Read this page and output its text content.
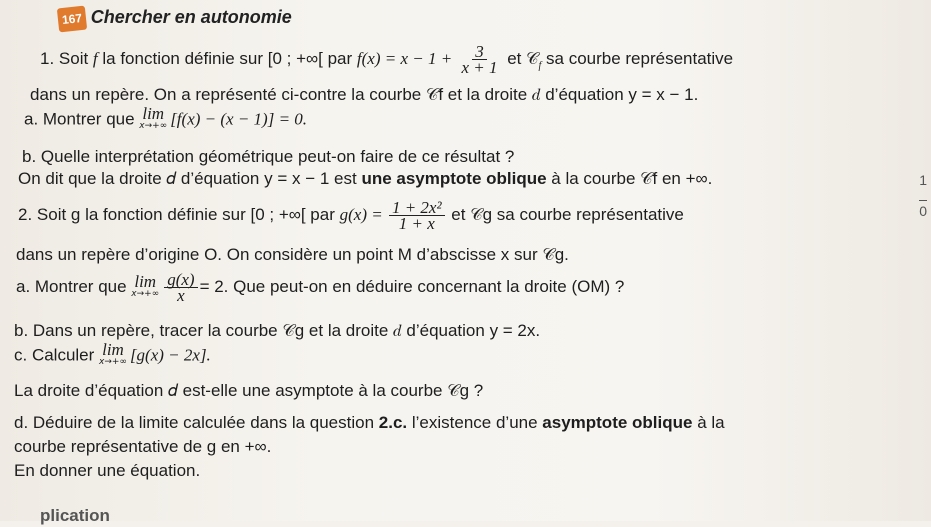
167 Chercher en autonomie
1. Soit f la fonction définie sur [0 ; +∞[ par $f(x) = x - 1 + \frac{3}{x + 1}$ et 𝒞$_f$ sa courbe représentative
dans un repère. On a représenté ci-contre la courbe 𝒞f et la droite 𝑑 d’équation y = x − 1.
a. Montrer que lim
x→+∞ [f(x) − (x − 1)] = 0.
b. Quelle interprétation géométrique peut-on faire de ce résultat ?
On dit que la droite 𝑑 d’équation y = x − 1 est une asymptote oblique à la courbe 𝒞f en +∞.
2. Soit g la fonction définie sur [0 ; +∞[ par $g(x) = \frac{\text{1 + 2x²}}{1 + x}$ et 𝒞g sa courbe représentative
dans un repère d’origine O. On considère un point M d’abscisse x sur 𝒞g.
a. Montrer que lim
$x\to+\infty \frac{g(x)}{x} = 2$. Que peut-on en déduire concernant la droite (OM) ?
b. Dans un repère, tracer la courbe 𝒞g et la droite 𝑑 d’équation y = 2x.
c. Calculer lim
x→+∞ [g(x) − 2x].
La droite d’équation 𝑑 est-elle une asymptote à la courbe 𝒞g ?
d. Déduire de la limite calculée dans la question 2.c. l’existence d’une asymptote oblique à la
courbe représentative de g en +∞.
En donner une équation.
plication
1
0
